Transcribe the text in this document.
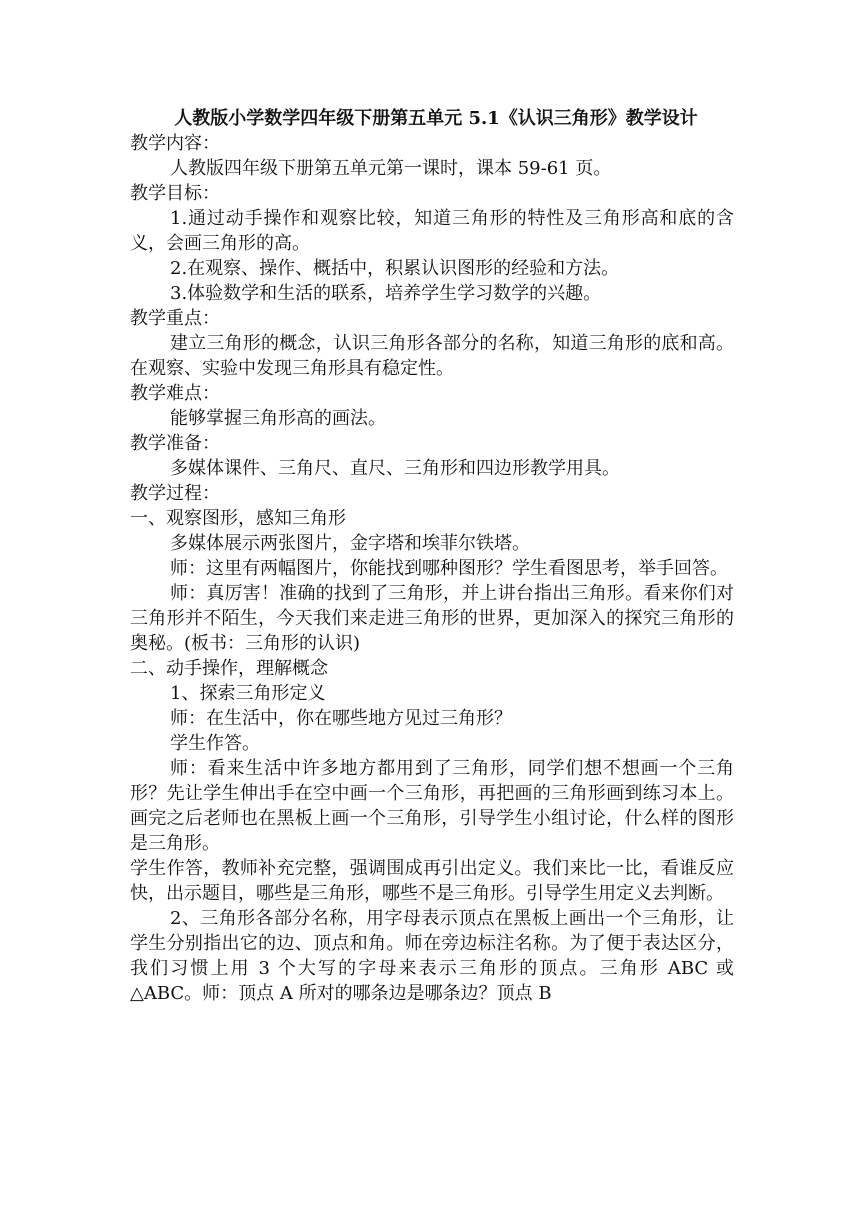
人教版小学数学四年级下册第五单元 5.1《认识三角形》教学设计

教学内容：

人教版四年级下册第五单元第一课时，课本 59-61 页。

教学目标：

1.通过动手操作和观察比较，知道三角形的特性及三角形高和底的含义，会画三角形的高。

2.在观察、操作、概括中，积累认识图形的经验和方法。

3.体验数学和生活的联系，培养学生学习数学的兴趣。

教学重点：

建立三角形的概念，认识三角形各部分的名称，知道三角形的底和高。在观察、实验中发现三角形具有稳定性。

教学难点：

能够掌握三角形高的画法。

教学准备：

多媒体课件、三角尺、直尺、三角形和四边形教学用具。

教学过程：

一、观察图形，感知三角形

多媒体展示两张图片，金字塔和埃菲尔铁塔。

师：这里有两幅图片，你能找到哪种图形？学生看图思考，举手回答。

师：真厉害！准确的找到了三角形，并上讲台指出三角形。看来你们对三角形并不陌生，今天我们来走进三角形的世界，更加深入的探究三角形的奥秘。(板书：三角形的认识)

二、动手操作，理解概念

1、探索三角形定义

师：在生活中，你在哪些地方见过三角形？

学生作答。

师：看来生活中许多地方都用到了三角形，同学们想不想画一个三角形？先让学生伸出手在空中画一个三角形，再把画的三角形画到练习本上。画完之后老师也在黑板上画一个三角形，引导学生小组讨论，什么样的图形是三角形。

学生作答，教师补充完整，强调围成再引出定义。我们来比一比，看谁反应快，出示题目，哪些是三角形，哪些不是三角形。引导学生用定义去判断。

2、三角形各部分名称，用字母表示顶点在黑板上画出一个三角形，让学生分别指出它的边、顶点和角。师在旁边标注名称。为了便于表达区分，我们习惯上用 3 个大写的字母来表示三角形的顶点。三角形 ABC 或△ABC。师：顶点 A 所对的哪条边是哪条边？顶点 B
